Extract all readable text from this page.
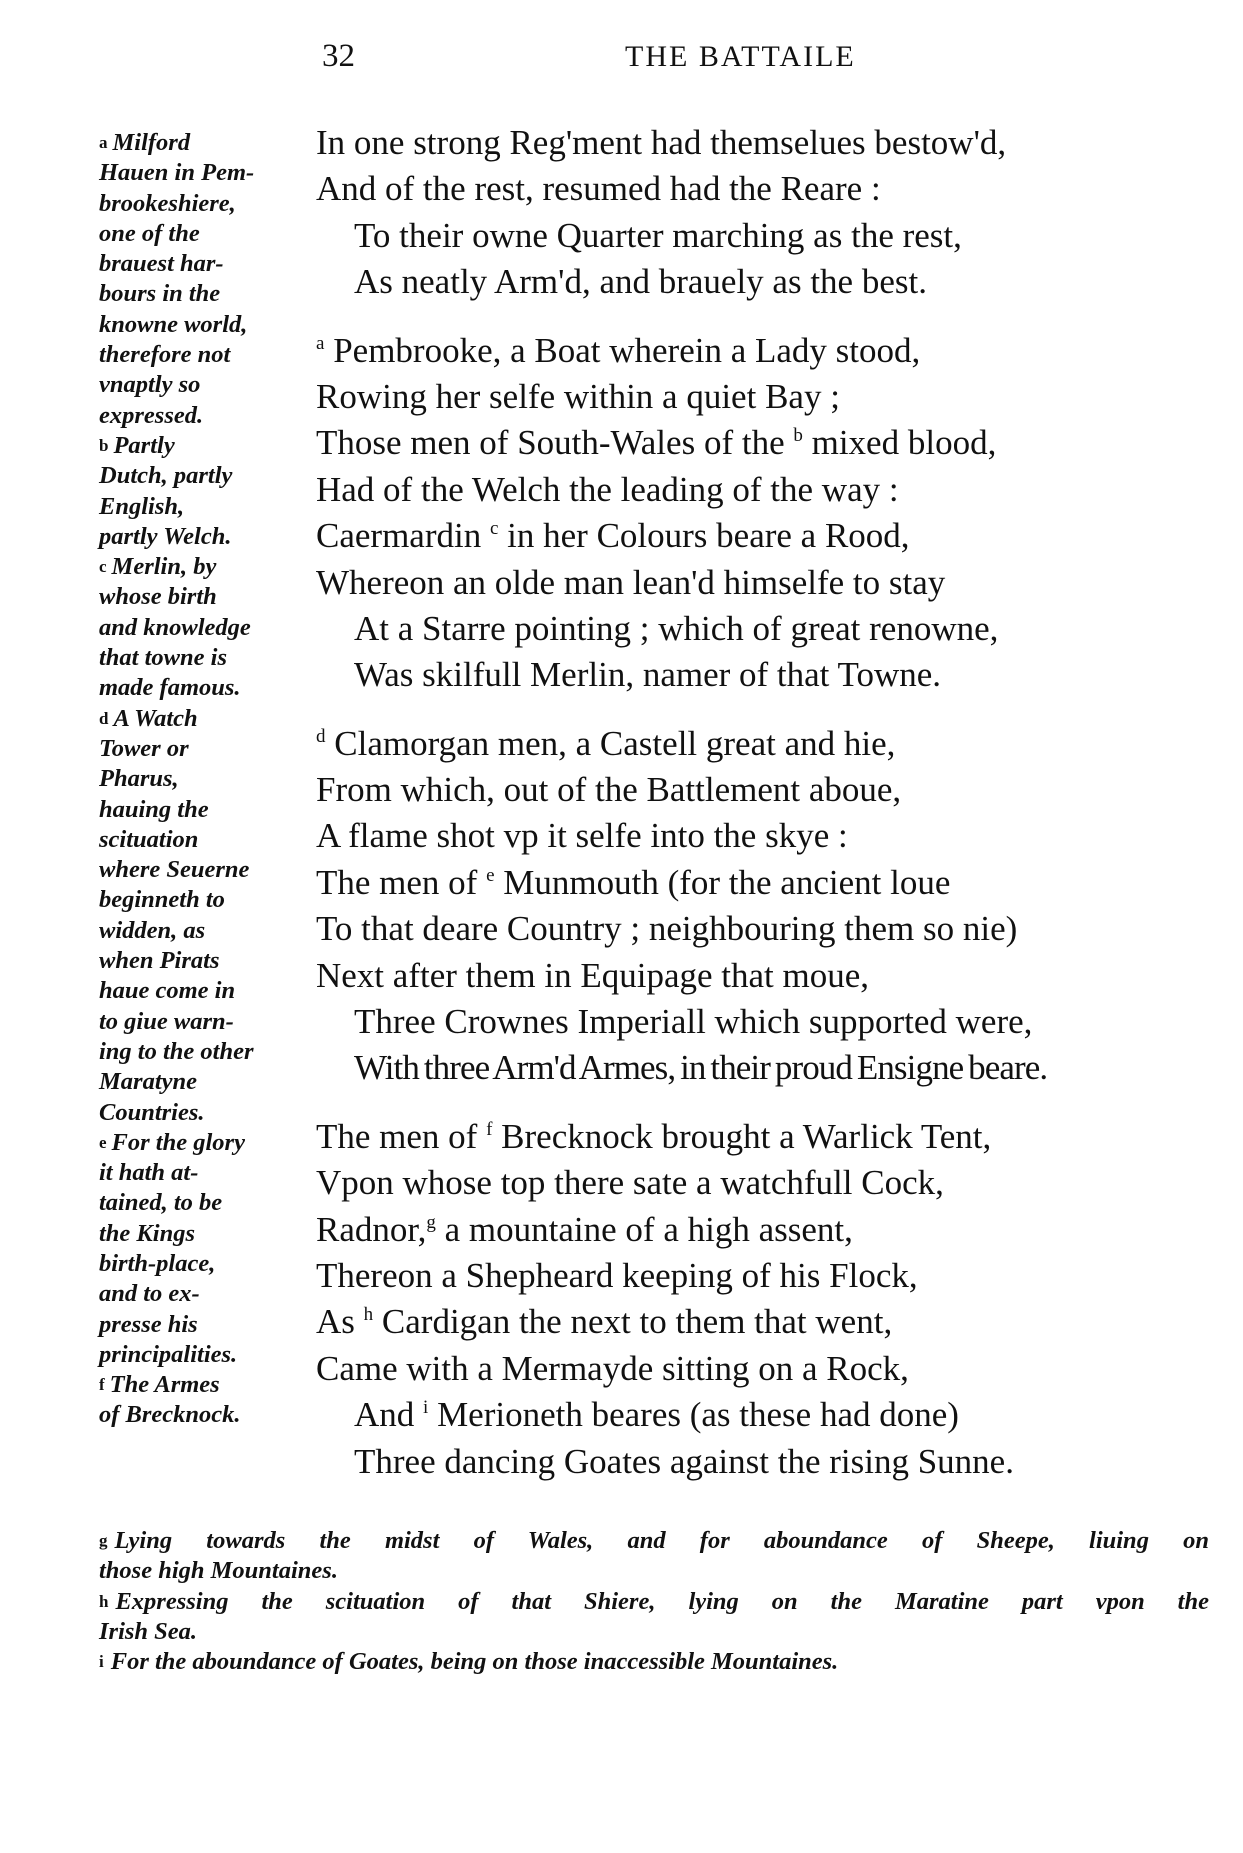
32	THE BATTAILE
$^a$ Milford
Hauen in Pem-
brookeshiere,
one of the
brauest har-
bours in the
knowne world,
therefore not
vnaptly so
expressed.
$^b$ Partly
Dutch, partly
English,
partly Welch.
$^c$ Merlin, by
whose birth
and knowledge
that towne is
made famous.
$^d$ A Watch
Tower or
Pharus,
hauing the
scituation
where Seuerne
beginneth to
widden, as
when Pirats
haue come in
to giue warn-
ing to the other
Maratyne
Countries.
$^e$ For the glory
it hath at-
tained, to be
the Kings
birth-place,
and to ex-
presse his
principalities.
$^f$ The Armes
of Brecknock.
In one strong Reg'ment had themselues bestow'd,
And of the rest, resumed had the Reare :
To their owne Quarter marching as the rest,
As neatly Arm'd, and brauely as the best.
$^a$ Pembrooke, a Boat wherein a Lady stood,
Rowing her selfe within a quiet Bay ;
Those men of South-Wales of the $^b$ mixed blood,
Had of the Welch the leading of the way :
Caermardin $^c$ in her Colours beare a Rood,
Whereon an olde man lean'd himselfe to stay
At a Starre pointing ; which of great renowne,
Was skilfull Merlin, namer of that Towne.
$^d$ Clamorgan men, a Castell great and hie,
From which, out of the Battlement aboue,
A flame shot vp it selfe into the skye :
The men of $^e$ Munmouth (for the ancient loue
To that deare Country ; neighbouring them so nie)
Next after them in Equipage that moue,
Three Crownes Imperiall which supported were,
With three Arm'd Armes, in their proud Ensigne beare.
The men of $^f$ Brecknock brought a Warlick Tent,
Vpon whose top there sate a watchfull Cock,
Radnor,$^g$ a mountaine of a high assent,
Thereon a Shepheard keeping of his Flock,
As $^h$ Cardigan the next to them that went,
Came with a Mermayde sitting on a Rock,
And $^i$ Merioneth beares (as these had done)
Three dancing Goates against the rising Sunne.
$^g$ Lying towards the midst of Wales, and for aboundance of Sheepe, liuing on
those high Mountaines.
$^h$ Expressing the scituation of that Shiere, lying on the Maratine part vpon the
Irish Sea.
$^i$ For the aboundance of Goates, being on those inaccessible Mountaines.
